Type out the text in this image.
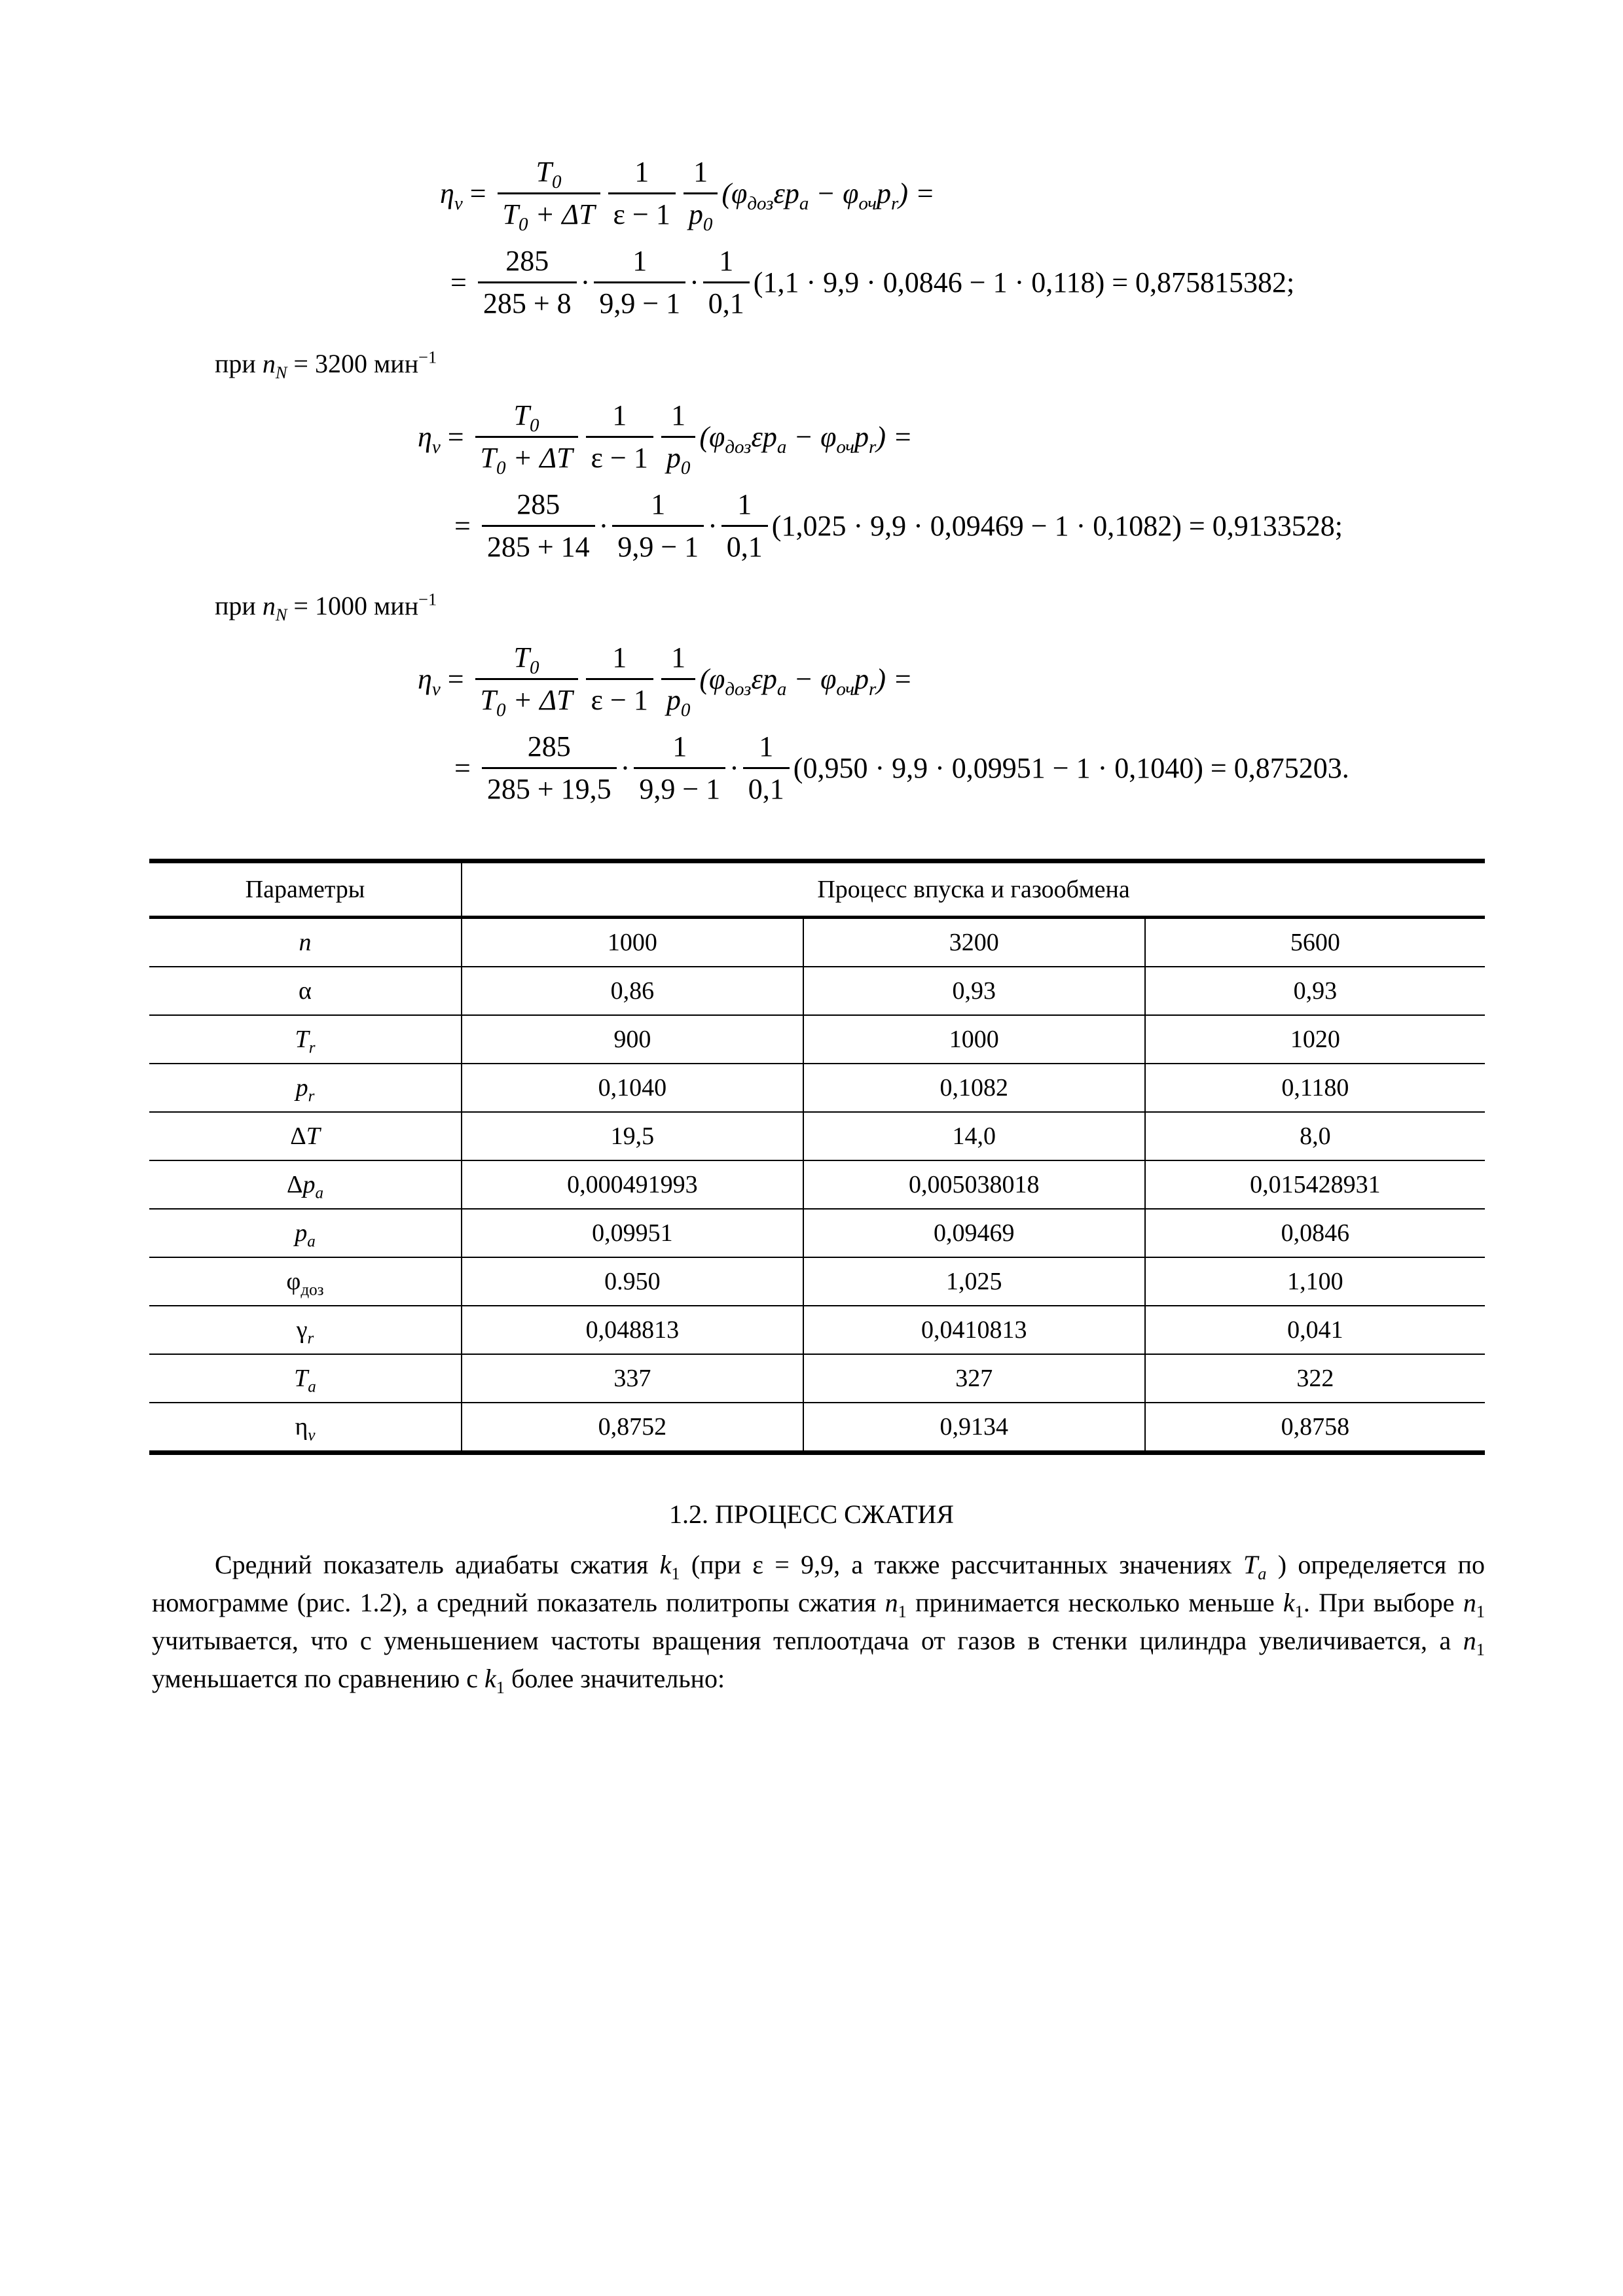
$\eta_v = \frac{T_0}{T_0 + \Delta T}$	1
ε − 1
1
$p_0$
$(\varphi_{доз}\varepsilon p_a - \varphi_{оч}p_r)$ =
= $\frac{285}{285 + 8}$ ·
1
9,9 − 1
·
1
0,1
(1,1 · 9,9 · 0,0846 − 1 · 0,118) = 0,875815382;
при $n_N = 3200$ мин$^{-1}$
$\eta_v = \frac{T_0}{T_0 + \Delta T}$	1
ε − 1
1
$p_0$
$(\varphi_{доз}\varepsilon p_a - \varphi_{оч}p_r)$ =
= $\frac{285}{285 + 14}$ ·
1
9,9 − 1
·
1
0,1
(1,025 · 9,9 · 0,09469 − 1 · 0,1082) = 0,9133528;
при $n_N = 1000$ мин$^{-1}$
$\eta_v = \frac{T_0}{T_0 + \Delta T}$	1
ε − 1
1
$p_0$
$(\varphi_{доз}\varepsilon p_a - \varphi_{оч}p_r)$ =
= $\frac{285}{285 + 19,5}$ ·
1
9,9 − 1
·
1
0,1
(0,950 · 9,9 · 0,09951 − 1 · 0,1040) = 0,875203.
Параметры	Процесс впуска и газообмена		
n	1000	3200	5600
α	0,86	0,93	0,93
$T_r$	900	1000	1020
$p_r$	0,1040	0,1082	0,1180
ΔT	19,5	14,0	8,0
$\Delta p_a$	0,000491993	0,005038018	0,015428931
$p_a$	0,09951	0,09469	0,0846
$\varphi_{доз}$	0.950	1,025	1,100
$\gamma_r$	0,048813	0,0410813	0,041
$T_a$	337	327	322
$\eta_v$	0,8752	0,9134	0,8758
1.2. ПРОЦЕСС СЖАТИЯ

Средний показатель адиабаты сжатия $k_1$ (при ε = 9,9, а также рассчитанных значениях $T_a$ ) определяется по номограмме (рис. 1.2), а средний показатель политропы сжатия $n_1$ принимается несколько меньше $k_1$. При выборе $n_1$ учитывается, что с уменьшением частоты вращения теплоотдача от газов в стенки цилиндра увеличивается, а $n_1$ уменьшается по сравнению с $k_1$ более значительно:
